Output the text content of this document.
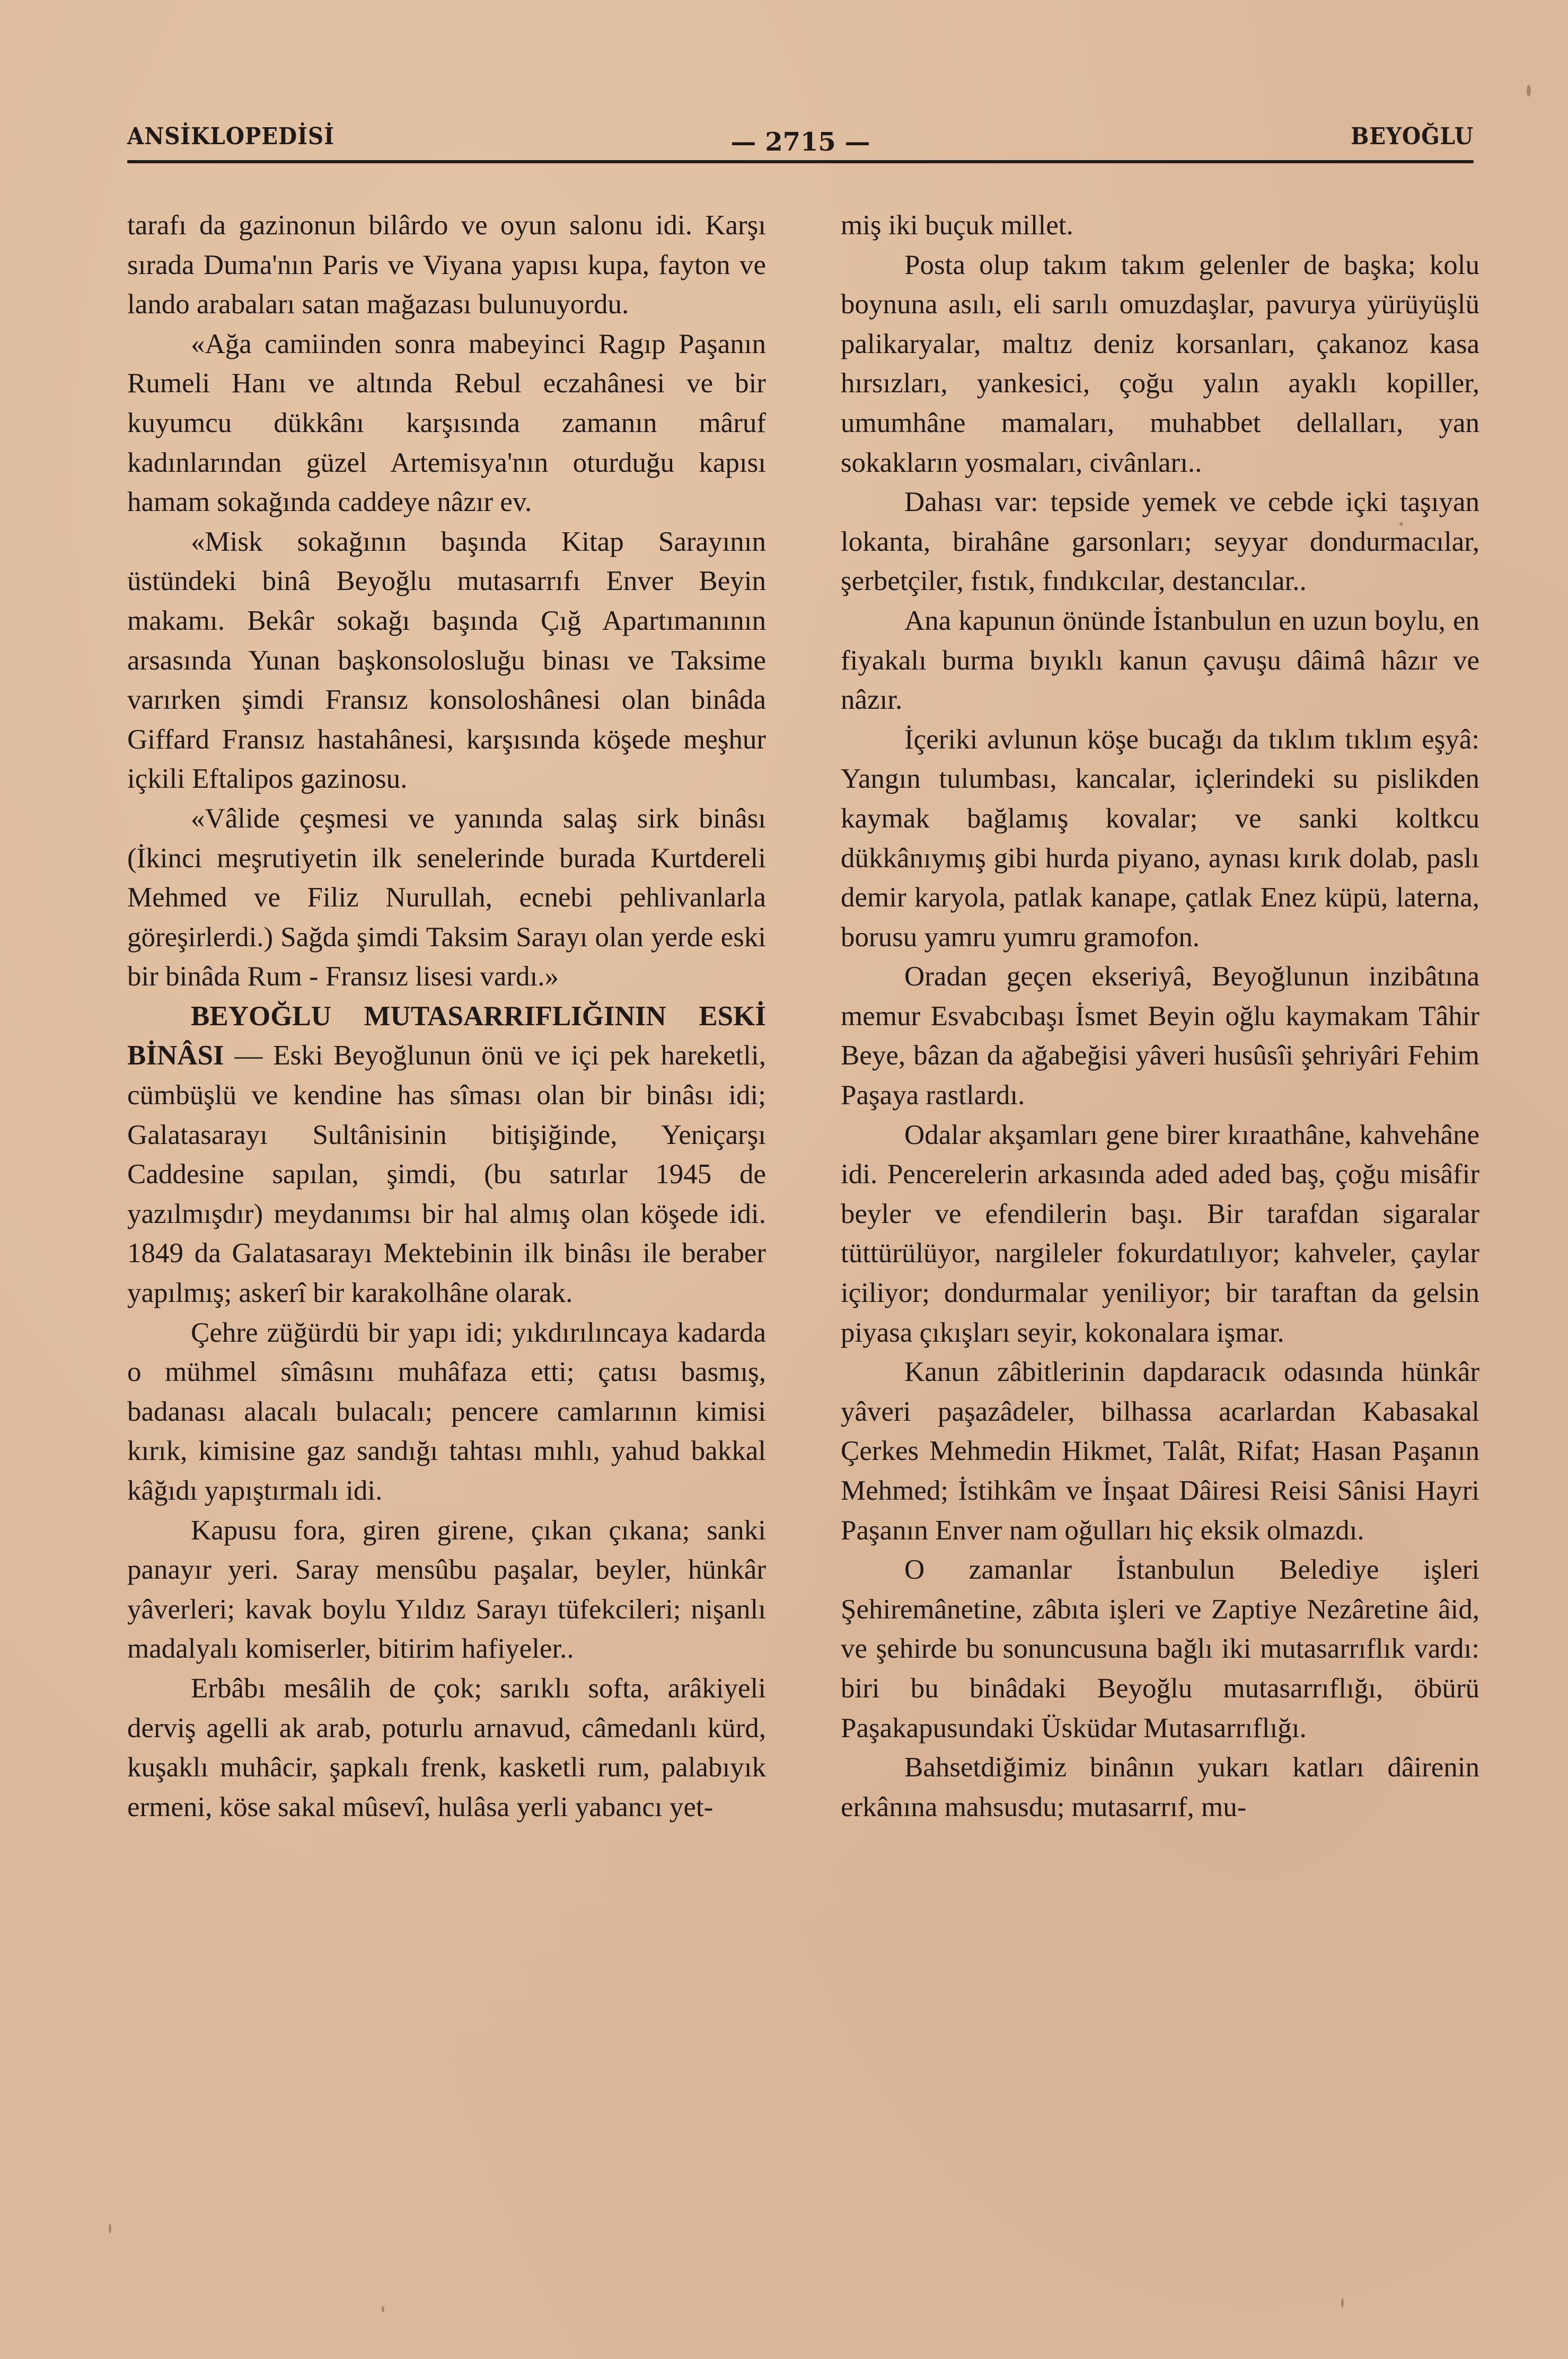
ANSİKLOPEDİSİ	— 2715 —	BEYOĞLU

tarafı da gazinonun bilârdo ve oyun salonu idi. Karşı sırada Duma'nın Paris ve Viyana yapısı kupa, fayton ve lando arabaları satan mağazası bulunuyordu.

«Ağa camiinden sonra mabeyinci Ragıp Paşanın Rumeli Hanı ve altında Rebul eczahânesi ve bir kuyumcu dükkânı karşısında zamanın mâruf kadınlarından güzel Artemisya'nın oturduğu kapısı hamam sokağında caddeye nâzır ev.

«Misk sokağının başında Kitap Sarayının üstündeki binâ Beyoğlu mutasarrıfı Enver Beyin makamı. Bekâr sokağı başında Çığ Apartımanının arsasında Yunan başkonsolosluğu binası ve Taksime varırken şimdi Fransız konsoloshânesi olan binâda Giffard Fransız hastahânesi, karşısında köşede meşhur içkili Eftalipos gazinosu.

«Vâlide çeşmesi ve yanında salaş sirk binâsı (İkinci meşrutiyetin ilk senelerinde burada Kurtdereli Mehmed ve Filiz Nurullah, ecnebi pehlivanlarla göreşirlerdi.) Sağda şimdi Taksim Sarayı olan yerde eski bir binâda Rum - Fransız lisesi vardı.»

BEYOĞLU MUTASARRIFLIĞININ ESKİ BİNÂSI — Eski Beyoğlunun önü ve içi pek hareketli, cümbüşlü ve kendine has sîması olan bir binâsı idi; Galatasarayı Sultânisinin bitişiğinde, Yeniçarşı Caddesine sapılan, şimdi, (bu satırlar 1945 de yazılmışdır) meydanımsı bir hal almış olan köşede idi. 1849 da Galatasarayı Mektebinin ilk binâsı ile beraber yapılmış; askerî bir karakolhâne olarak.

Çehre züğürdü bir yapı idi; yıkdırılıncaya kadarda o mühmel sîmâsını muhâfaza etti; çatısı basmış, badanası alacalı bulacalı; pencere camlarının kimisi kırık, kimisine gaz sandığı tahtası mıhlı, yahud bakkal kâğıdı yapıştırmalı idi.

Kapusu fora, giren girene, çıkan çıkana; sanki panayır yeri. Saray mensûbu paşalar, beyler, hünkâr yâverleri; kavak boylu Yıldız Sarayı tüfekcileri; nişanlı madalyalı komiserler, bitirim hafiyeler..

Erbâbı mesâlih de çok; sarıklı softa, arâkiyeli derviş agelli ak arab, poturlu arnavud, câmedanlı kürd, kuşaklı muhâcir, şapkalı frenk, kasketli rum, palabıyık ermeni, köse sakal mûsevî, hulâsa yerli yabancı yet-

miş iki buçuk millet.

Posta olup takım takım gelenler de başka; kolu boynuna asılı, eli sarılı omuzdaşlar, pavurya yürüyüşlü palikaryalar, maltız deniz korsanları, çakanoz kasa hırsızları, yankesici, çoğu yalın ayaklı kopiller, umumhâne mamaları, muhabbet dellalları, yan sokakların yosmaları, civânları..

Dahası var: tepside yemek ve cebde içki taşıyan lokanta, birahâne garsonları; seyyar dondurmacılar, şerbetçiler, fıstık, fındıkcılar, destancılar..

Ana kapunun önünde İstanbulun en uzun boylu, en fiyakalı burma bıyıklı kanun çavuşu dâimâ hâzır ve nâzır.

İçeriki avlunun köşe bucağı da tıklım tıklım eşyâ: Yangın tulumbası, kancalar, içlerindeki su pislikden kaymak bağlamış kovalar; ve sanki koltkcu dükkânıymış gibi hurda piyano, aynası kırık dolab, paslı demir karyola, patlak kanape, çatlak Enez küpü, laterna, borusu yamru yumru gramofon.

Oradan geçen ekseriyâ, Beyoğlunun inzibâtına memur Esvabcıbaşı İsmet Beyin oğlu kaymakam Tâhir Beye, bâzan da ağabeğisi yâveri husûsîi şehriyâri Fehim Paşaya rastlardı.

Odalar akşamları gene birer kıraathâne, kahvehâne idi. Pencerelerin arkasında aded aded baş, çoğu misâfir beyler ve efendilerin başı. Bir tarafdan sigaralar tüttürülüyor, nargileler fokurdatılıyor; kahveler, çaylar içiliyor; dondurmalar yeniliyor; bir taraftan da gelsin piyasa çıkışları seyir, kokonalara işmar.

Kanun zâbitlerinin dapdaracık odasında hünkâr yâveri paşazâdeler, bilhassa acarlardan Kabasakal Çerkes Mehmedin Hikmet, Talât, Rifat; Hasan Paşanın Mehmed; İstihkâm ve İnşaat Dâiresi Reisi Sânisi Hayri Paşanın Enver nam oğulları hiç eksik olmazdı.

O zamanlar İstanbulun Belediye işleri Şehiremânetine, zâbıta işleri ve Zaptiye Nezâretine âid, ve şehirde bu sonuncusuna bağlı iki mutasarrıflık vardı: biri bu binâdaki Beyoğlu mutasarrıflığı, öbürü Paşakapusundaki Üsküdar Mutasarrıflığı.

Bahsetdiğimiz binânın yukarı katları dâirenin erkânına mahsusdu; mutasarrıf, mu-
